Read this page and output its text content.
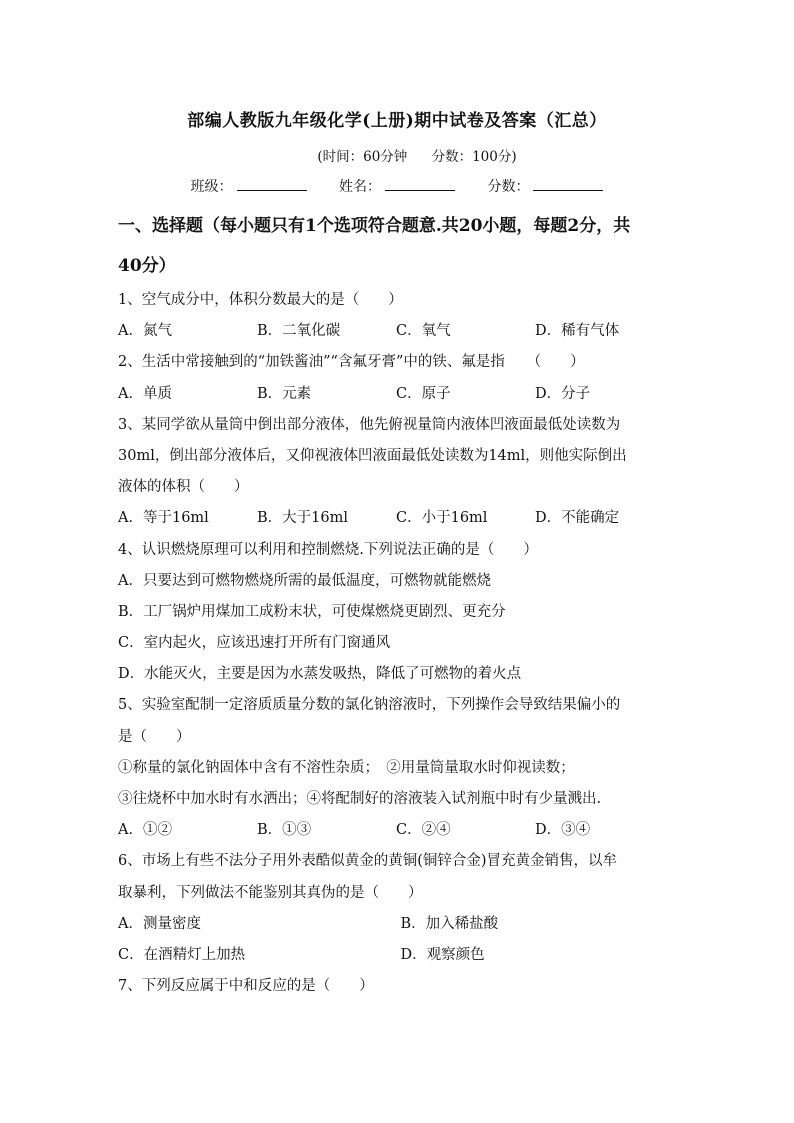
部编人教版九年级化学(上册)期中试卷及答案（汇总）
(时间：60分钟 分数：100分)
班级：	姓名：	分数：
一、选择题（每小题只有1个选项符合题意.共20小题，每题2分，共
40分）
1、空气成分中，体积分数最大的是（　　）
A．氮气	B．二氧化碳	C．氧气	D．稀有气体
2、生活中常接触到的“加铁酱油”“含氟牙膏”中的铁、氟是指　　（　　）
A．单质	B．元素	C．原子	D．分子
3、某同学欲从量筒中倒出部分液体，他先俯视量筒内液体凹液面最低处读数为
30ml，倒出部分液体后，又仰视液体凹液面最低处读数为14ml，则他实际倒出
液体的体积（　　）
A．等于16ml	B．大于16ml	C．小于16ml	D．不能确定
4、认识燃烧原理可以利用和控制燃烧.下列说法正确的是（　　）
A．只要达到可燃物燃烧所需的最低温度，可燃物就能燃烧
B．工厂锅炉用煤加工成粉末状，可使煤燃烧更剧烈、更充分
C．室内起火，应该迅速打开所有门窗通风
D．水能灭火，主要是因为水蒸发吸热，降低了可燃物的着火点
5、实验室配制一定溶质质量分数的氯化钠溶液时，下列操作会导致结果偏小的
是（　　）
①称量的氯化钠固体中含有不溶性杂质；　②用量筒量取水时仰视读数；
③往烧杯中加水时有水洒出；④将配制好的溶液装入试剂瓶中时有少量溅出.
A．①②	B．①③	C．②④	D．③④
6、市场上有些不法分子用外表酷似黄金的黄铜(铜锌合金)冒充黄金销售，以牟
取暴利，下列做法不能鉴别其真伪的是（　　）
A．测量密度	B．加入稀盐酸
C．在酒精灯上加热	D．观察颜色
7、下列反应属于中和反应的是（　　）
